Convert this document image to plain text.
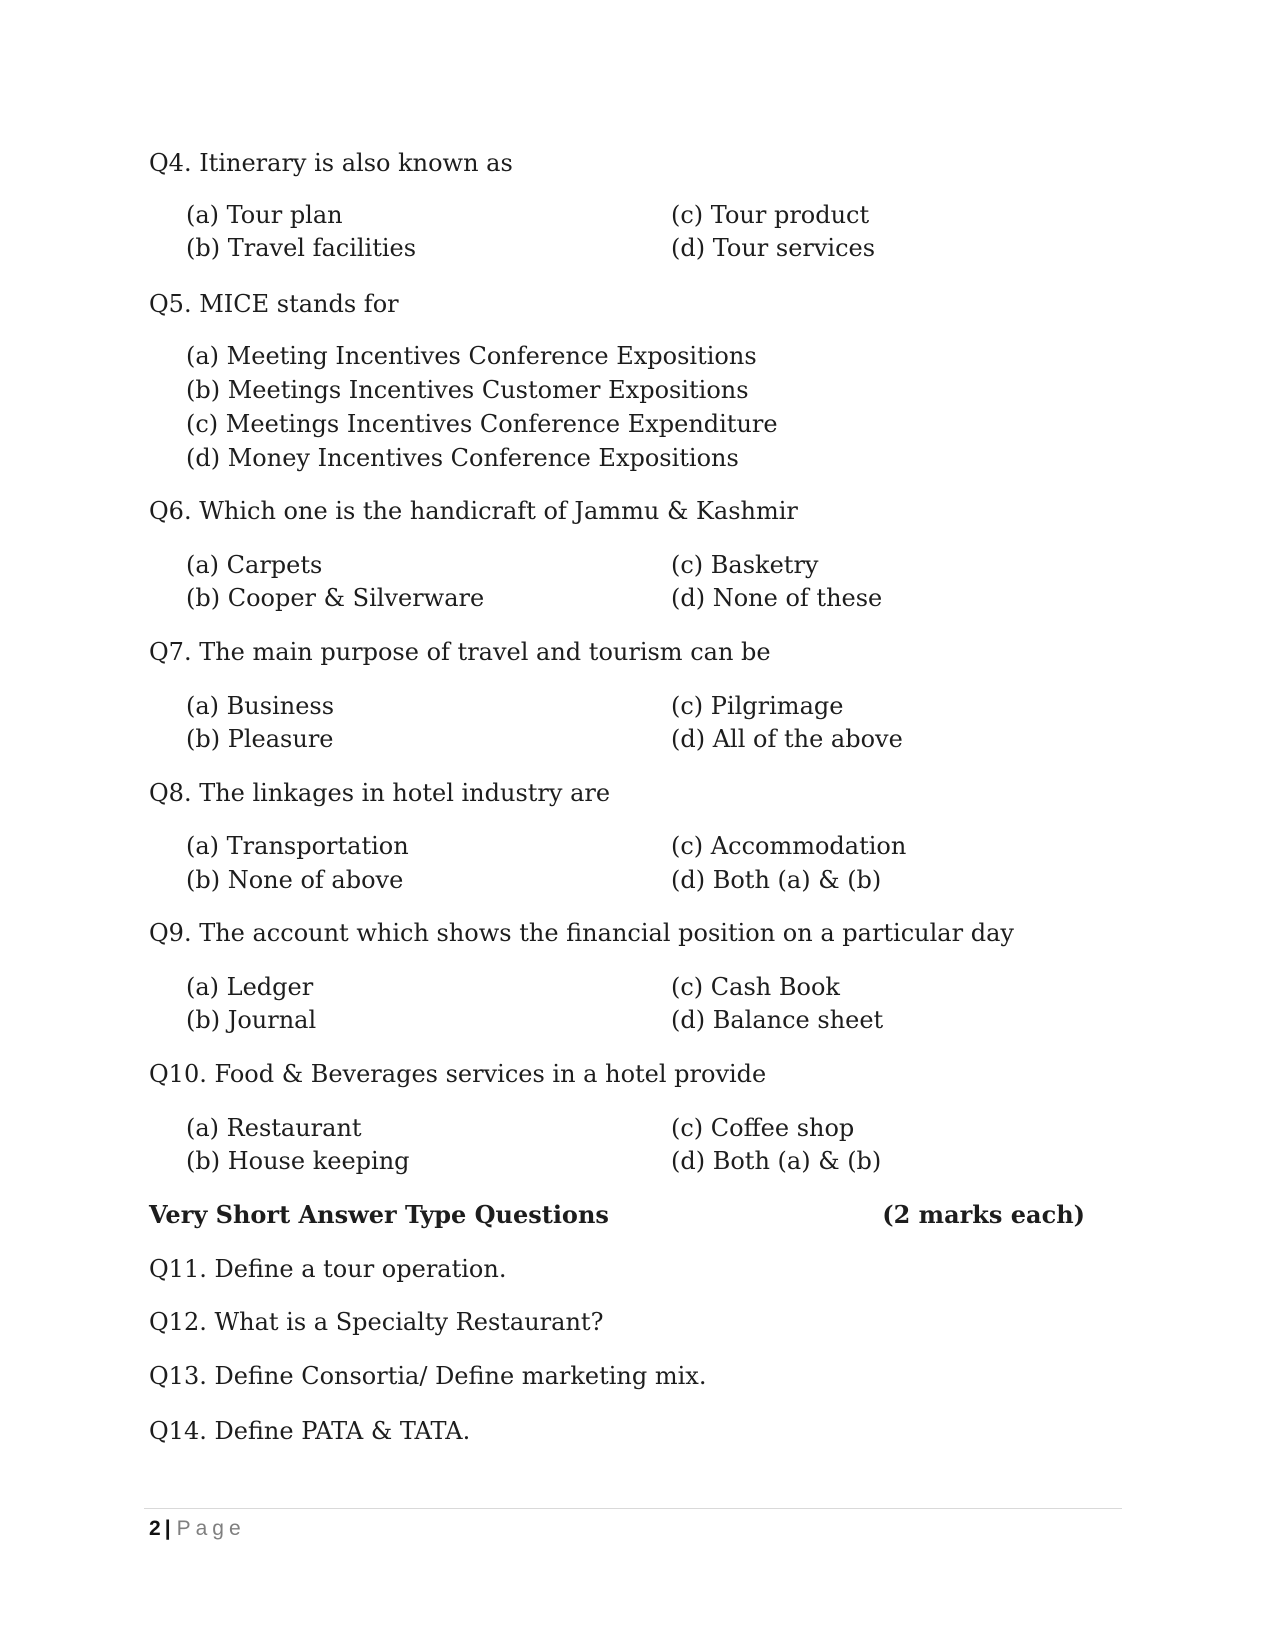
Q4. Itinerary is also known as
(a) Tour plan	(c) Tour product
(b) Travel facilities	(d) Tour services
Q5. MICE stands for
(a) Meeting Incentives Conference Expositions
(b) Meetings Incentives Customer Expositions
(c) Meetings Incentives Conference Expenditure
(d) Money Incentives Conference Expositions
Q6. Which one is the handicraft of Jammu & Kashmir
(a) Carpets	(c) Basketry
(b) Cooper & Silverware	(d) None of these
Q7. The main purpose of travel and tourism can be
(a) Business	(c) Pilgrimage
(b) Pleasure	(d) All of the above
Q8. The linkages in hotel industry are
(a) Transportation	(c) Accommodation
(b) None of above	(d) Both (a) & (b)
Q9. The account which shows the financial position on a particular day
(a) Ledger	(c) Cash Book
(b) Journal	(d) Balance sheet
Q10. Food & Beverages services in a hotel provide
(a) Restaurant	(c) Coffee shop
(b) House keeping	(d) Both (a) & (b)
Very Short Answer Type Questions	(2 marks each)
Q11. Define a tour operation.
Q12. What is a Specialty Restaurant?
Q13. Define Consortia/ Define marketing mix.
Q14. Define PATA & TATA.
2 | Page
